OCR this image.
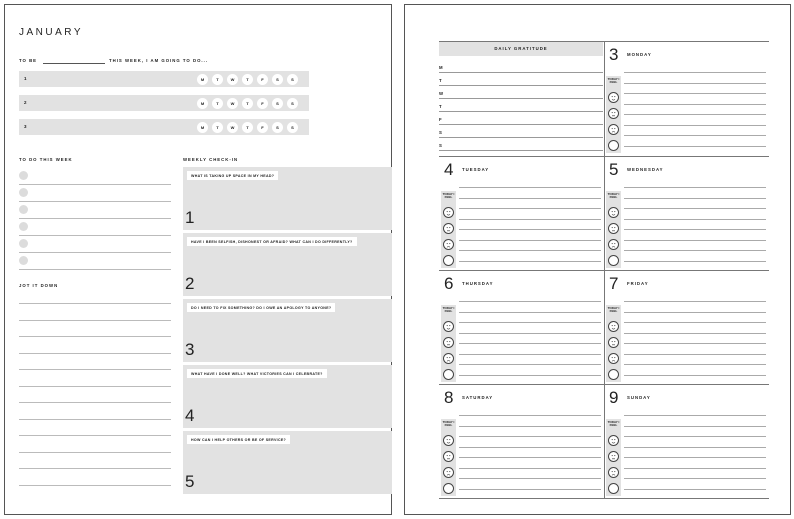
JANUARY
TO BE	THIS WEEK, I AM GOING TO DO...
1	M	T	W	T	F	S	S
2	M	T	W	T	F	S	S
3	M	T	W	T	F	S	S
TO DO THIS WEEK
JOT IT DOWN
WEEKLY CHECK-IN
WHAT IS TAKING UP SPACE IN MY HEAD?
1
HAVE I BEEN SELFISH, DISHONEST OR AFRAID? WHAT CAN I DO DIFFERENTLY?
2
DO I NEED TO FIX SOMETHING? DO I OWE AN APOLOGY TO ANYONE?
3
WHAT HAVE I DONE WELL? WHAT VICTORIES CAN I CELEBRATE?
4
HOW CAN I HELP OTHERS OR BE OF SERVICE?
5
DAILY GRATITUDE
M
T
W
T
F
S
S
3 MONDAY
TODAY I FEEL
4 TUESDAY
TODAY I FEEL
5 WEDNESDAY
TODAY I FEEL
6 THURSDAY
TODAY I FEEL
7 FRIDAY
TODAY I FEEL
8 SATURDAY
TODAY I FEEL
9 SUNDAY
TODAY I FEEL
